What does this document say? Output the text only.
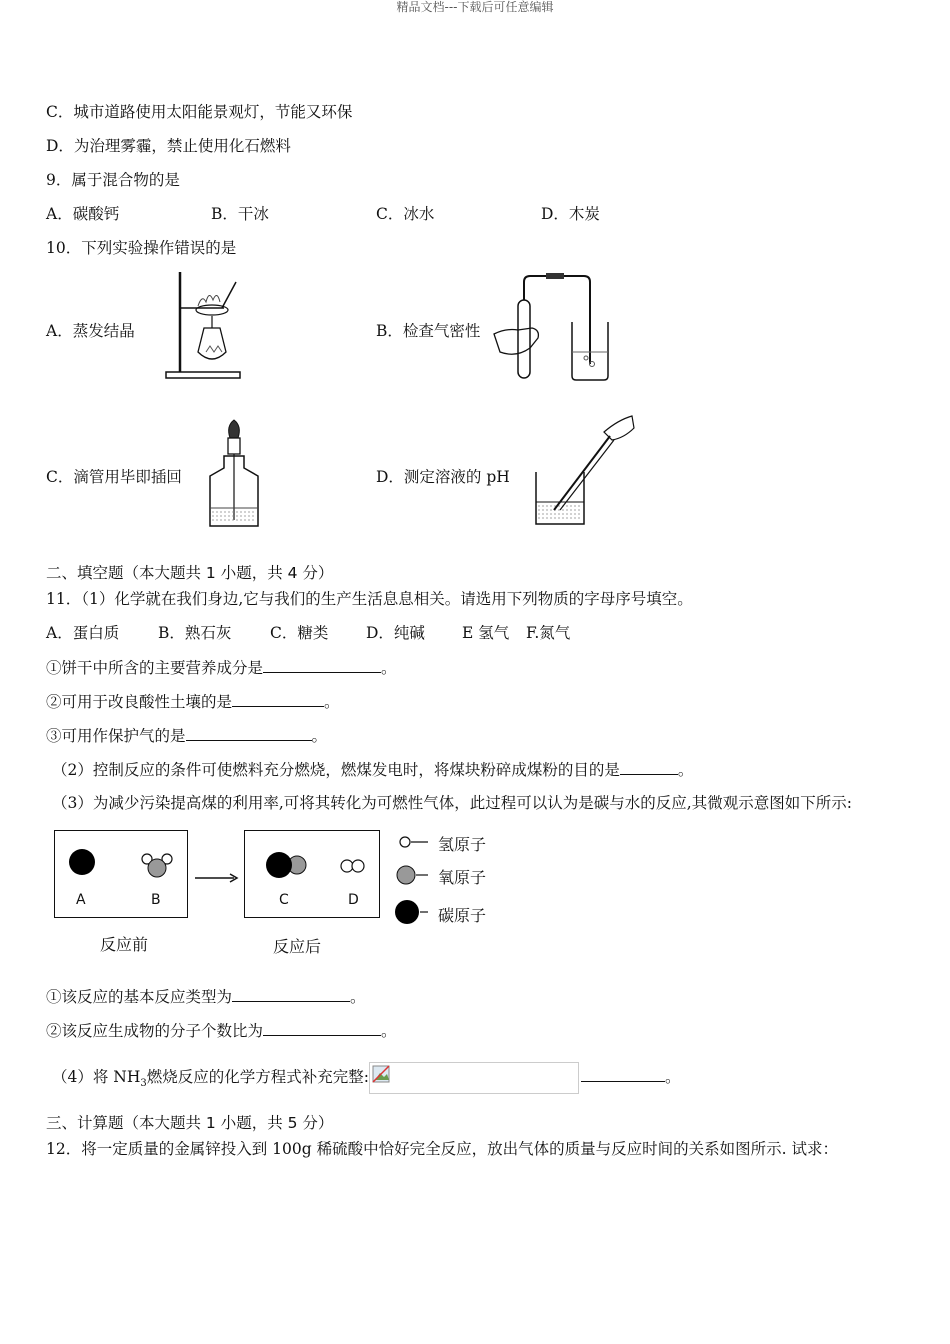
精品文档---下载后可任意编辑
C．城市道路使用太阳能景观灯，节能又环保
D．为治理雾霾，禁止使用化石燃料
9．属于混合物的是
A．碳酸钙	B．干冰	C．冰水	D．木炭
10．下列实验操作错误的是
A．蒸发结晶	B．检查气密性
C．滴管用毕即插回	D．测定溶液的 pH
二、填空题（本大题共 1 小题，共 4 分）
11．（1）化学就在我们身边,它与我们的生产生活息息相关。请选用下列物质的字母序号填空。
A．蛋白质	B．熟石灰 C．糖类 D．纯碱 E 氢气 F.氮气
①饼干中所含的主要营养成分是	。
②可用于改良酸性土壤的是	。
③可用作保护气的是	。
（2）控制反应的条件可使燃料充分燃烧，燃煤发电时，将煤块粉碎成煤粉的目的是	。
（3）为减少污染提高煤的利用率,可将其转化为可燃性气体，此过程可以认为是碳与水的反应,其微观示意图如下所示:
A	B	C	D
反应前	反应后
氢原子
氧原子
碳原子
①该反应的基本反应类型为	。
②该反应生成物的分子个数比为	。
（4）将 $NH_3$燃烧反应的化学方程式补充完整:	。
三、计算题（本大题共 1 小题，共 5 分）
12．将一定质量的金属锌投入到 100g 稀硫酸中恰好完全反应，放出气体的质量与反应时间的关系如图所示. 试求：
